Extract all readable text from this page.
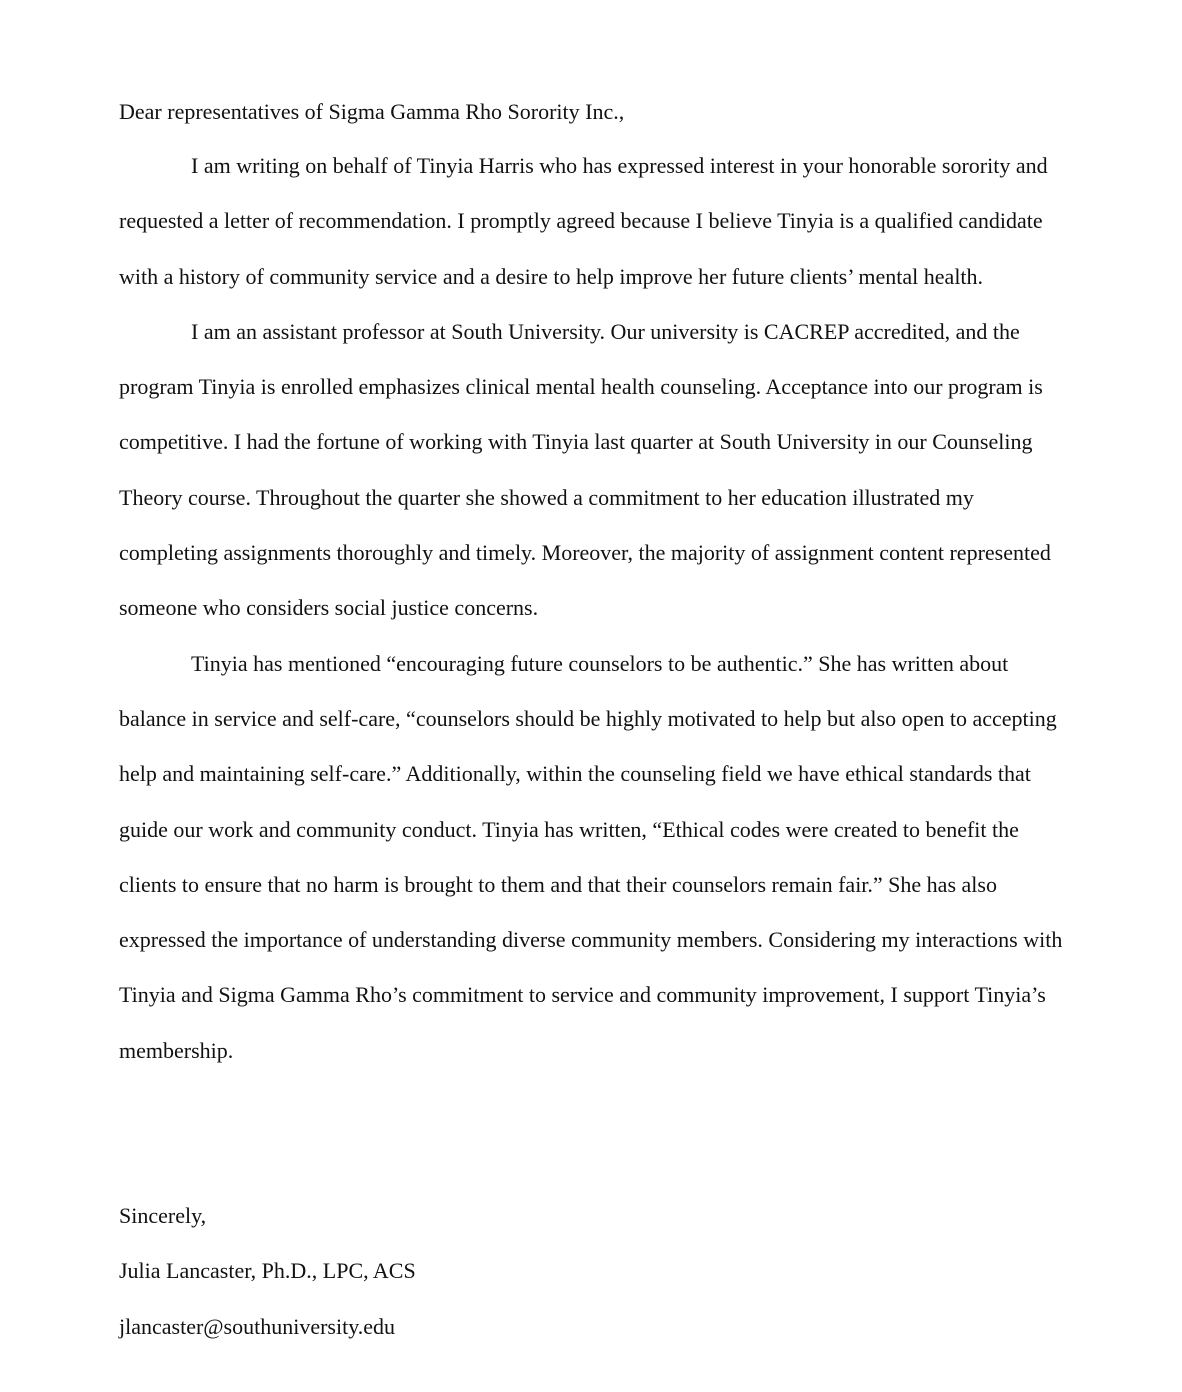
Dear representatives of Sigma Gamma Rho Sorority Inc.,

I am writing on behalf of Tinyia Harris who has expressed interest in your honorable sorority and requested a letter of recommendation. I promptly agreed because I believe Tinyia is a qualified candidate with a history of community service and a desire to help improve her future clients’ mental health.

I am an assistant professor at South University. Our university is CACREP accredited, and the program Tinyia is enrolled emphasizes clinical mental health counseling. Acceptance into our program is competitive. I had the fortune of working with Tinyia last quarter at South University in our Counseling Theory course. Throughout the quarter she showed a commitment to her education illustrated my completing assignments thoroughly and timely. Moreover, the majority of assignment content represented someone who considers social justice concerns.

Tinyia has mentioned “encouraging future counselors to be authentic.” She has written about balance in service and self-care, “counselors should be highly motivated to help but also open to accepting help and maintaining self-care.” Additionally, within the counseling field we have ethical standards that guide our work and community conduct. Tinyia has written, “Ethical codes were created to benefit the clients to ensure that no harm is brought to them and that their counselors remain fair.” She has also expressed the importance of understanding diverse community members. Considering my interactions with Tinyia and Sigma Gamma Rho’s commitment to service and community improvement, I support Tinyia’s membership.

Sincerely,
Julia Lancaster, Ph.D., LPC, ACS
jlancaster@southuniversity.edu
